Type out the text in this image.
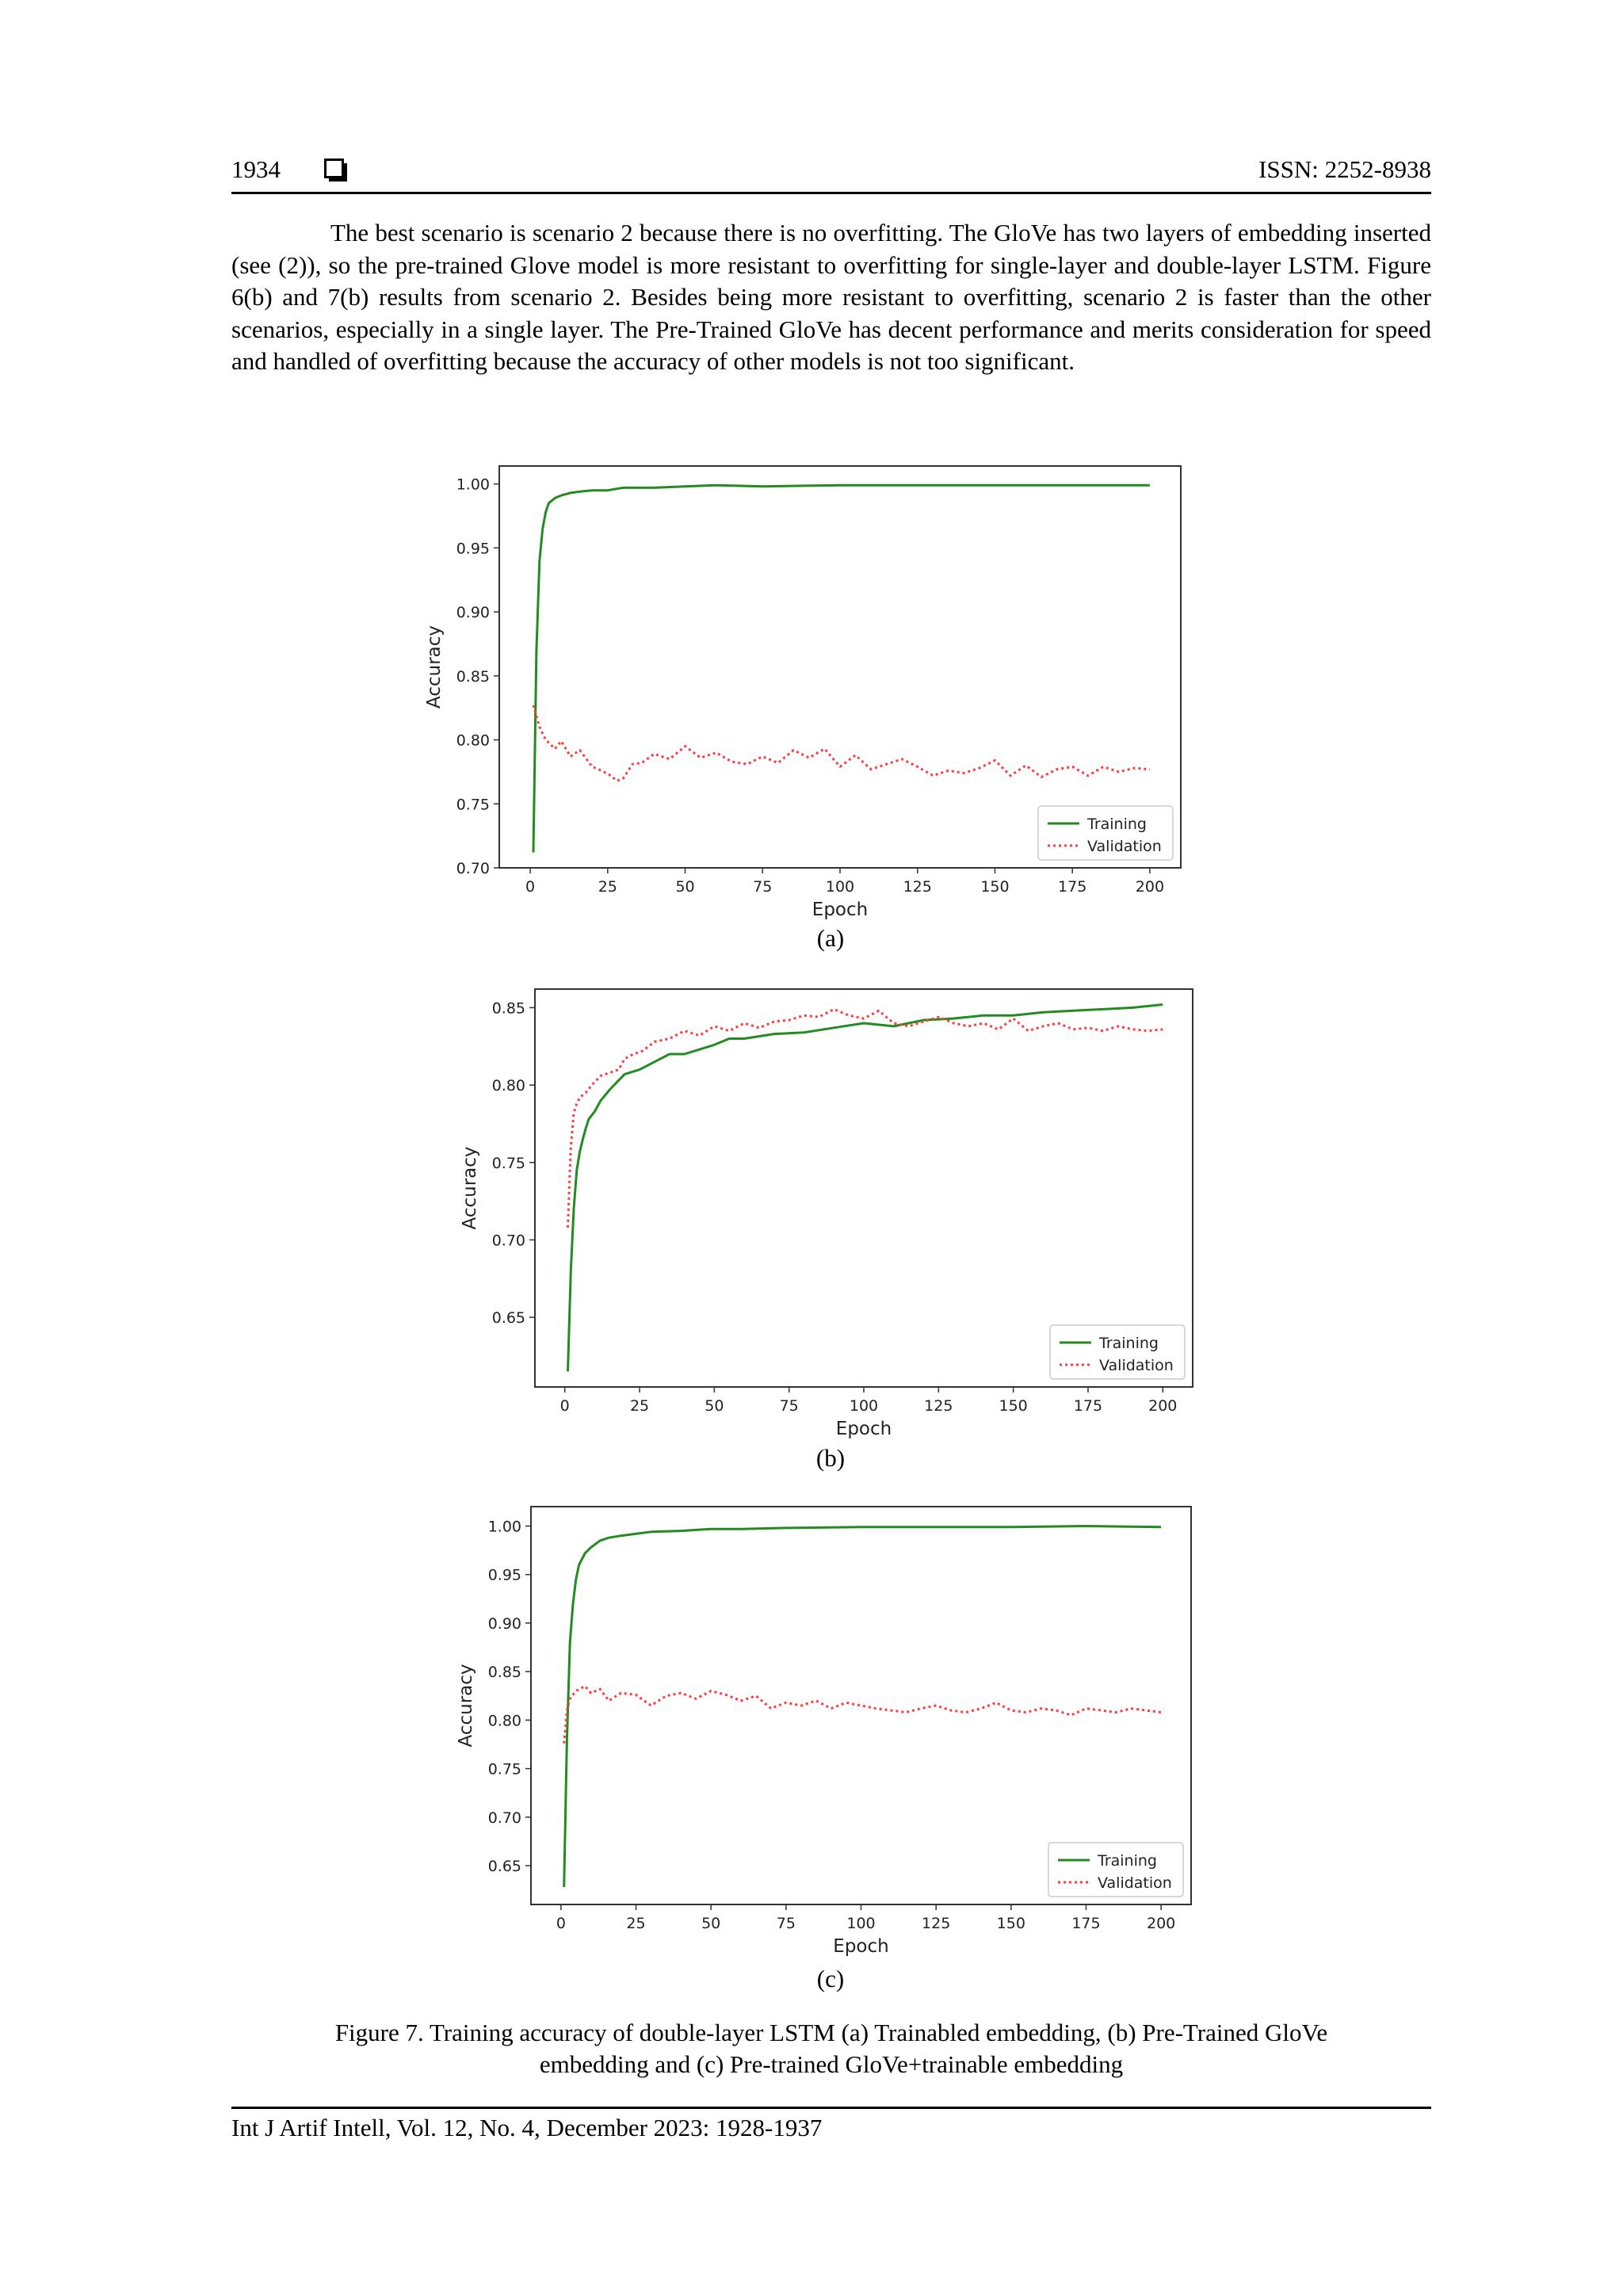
1934	ISSN: 2252-8938

The best scenario is scenario 2 because there is no overfitting. The GloVe has two layers of embedding inserted (see (2)), so the pre-trained Glove model is more resistant to overfitting for single-layer and double-layer LSTM. Figure 6(b) and 7(b) results from scenario 2. Besides being more resistant to overfitting, scenario 2 is faster than the other scenarios, especially in a single layer. The Pre-Trained GloVe has decent performance and merits consideration for speed and handled of overfitting because the accuracy of other models is not too significant.

0	25	50	75	100	125	150	175	200
0.70
0.75
0.80
0.85
0.90
0.95
1.00
Epoch
Accuracy
Training
Validation
(a)
0	25	50	75	100	125	150	175	200
0.65
0.70
0.75
0.80
0.85
Epoch
Accuracy
Training
Validation
(b)
0	25	50	75	100	125	150	175	200
0.65
0.70
0.75
0.80
0.85
0.90
0.95
1.00
Epoch
Accuracy
Training
Validation
(c)

Figure 7. Training accuracy of double-layer LSTM (a) Trainabled embedding, (b) Pre-Trained GloVe
embedding and (c) Pre-trained GloVe+trainable embedding

Int J Artif Intell, Vol. 12, No. 4, December 2023: 1928-1937
